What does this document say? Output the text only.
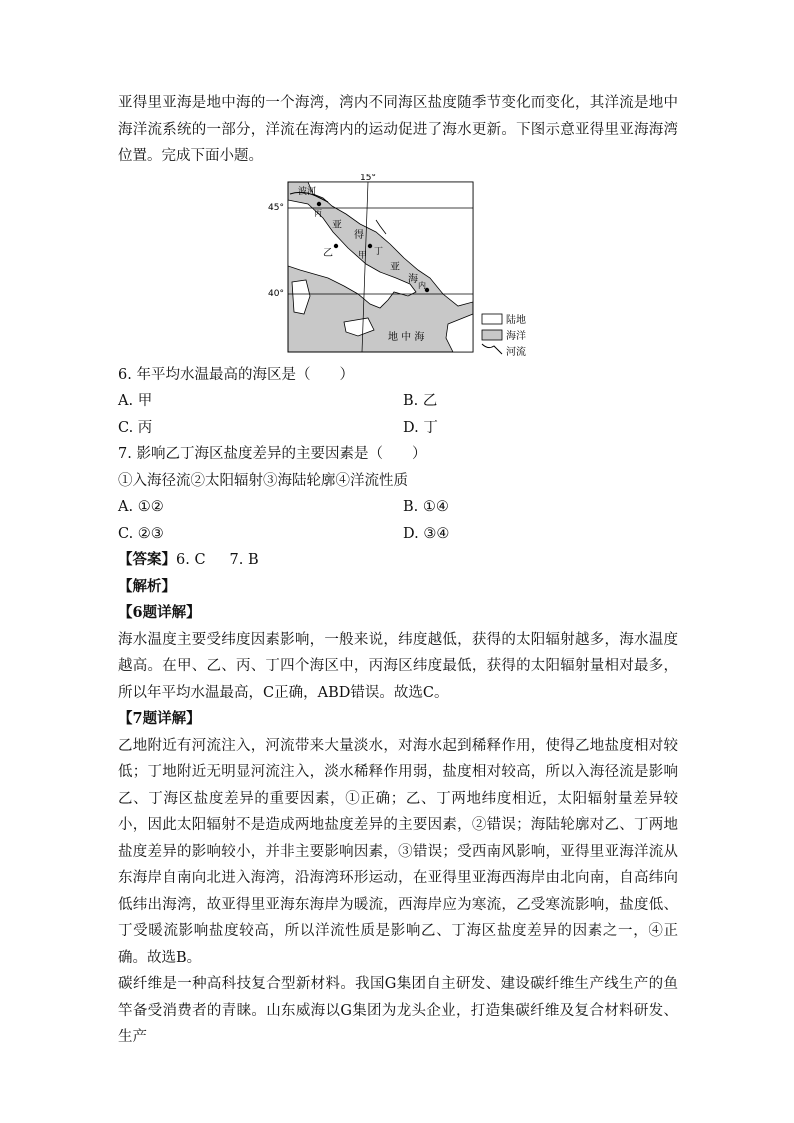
亚得里亚海是地中海的一个海湾，湾内不同海区盐度随季节变化而变化，其洋流是地中海洋流系统的一部分，洋流在海湾内的运动促进了海水更新。下图示意亚得里亚海海湾位置。完成下面小题。

15°
45°
40°
波河
丙
亚
得
乙	甲 丁
亚
海
内
地 中 海
陆地
海洋
河流

6. 年平均水温最高的海区是（　　）

A. 甲	B. 乙
C. 丙	D. 丁

7. 影响乙丁海区盐度差异的主要因素是（　　）

①入海径流②太阳辐射③海陆轮廓④洋流性质

A. ①②	B. ①④
C. ②③	D. ③④

【答案】6. C 7. B

【解析】

【6题详解】

海水温度主要受纬度因素影响，一般来说，纬度越低，获得的太阳辐射越多，海水温度越高。在甲、乙、丙、丁四个海区中，丙海区纬度最低，获得的太阳辐射量相对最多，所以年平均水温最高，C正确，ABD错误。故选C。

【7题详解】

乙地附近有河流注入，河流带来大量淡水，对海水起到稀释作用，使得乙地盐度相对较低；丁地附近无明显河流注入，淡水稀释作用弱，盐度相对较高，所以入海径流是影响乙、丁海区盐度差异的重要因素，①正确；乙、丁两地纬度相近，太阳辐射量差异较小，因此太阳辐射不是造成两地盐度差异的主要因素，②错误；海陆轮廓对乙、丁两地盐度差异的影响较小，并非主要影响因素，③错误；受西南风影响，亚得里亚海洋流从东海岸自南向北进入海湾，沿海湾环形运动，在亚得里亚海西海岸由北向南，自高纬向低纬出海湾，故亚得里亚海东海岸为暖流，西海岸应为寒流，乙受寒流影响，盐度低、丁受暖流影响盐度较高，所以洋流性质是影响乙、丁海区盐度差异的因素之一，④正确。故选B。

碳纤维是一种高科技复合型新材料。我国G集团自主研发、建设碳纤维生产线生产的鱼竿备受消费者的青睐。山东威海以G集团为龙头企业，打造集碳纤维及复合材料研发、生产
